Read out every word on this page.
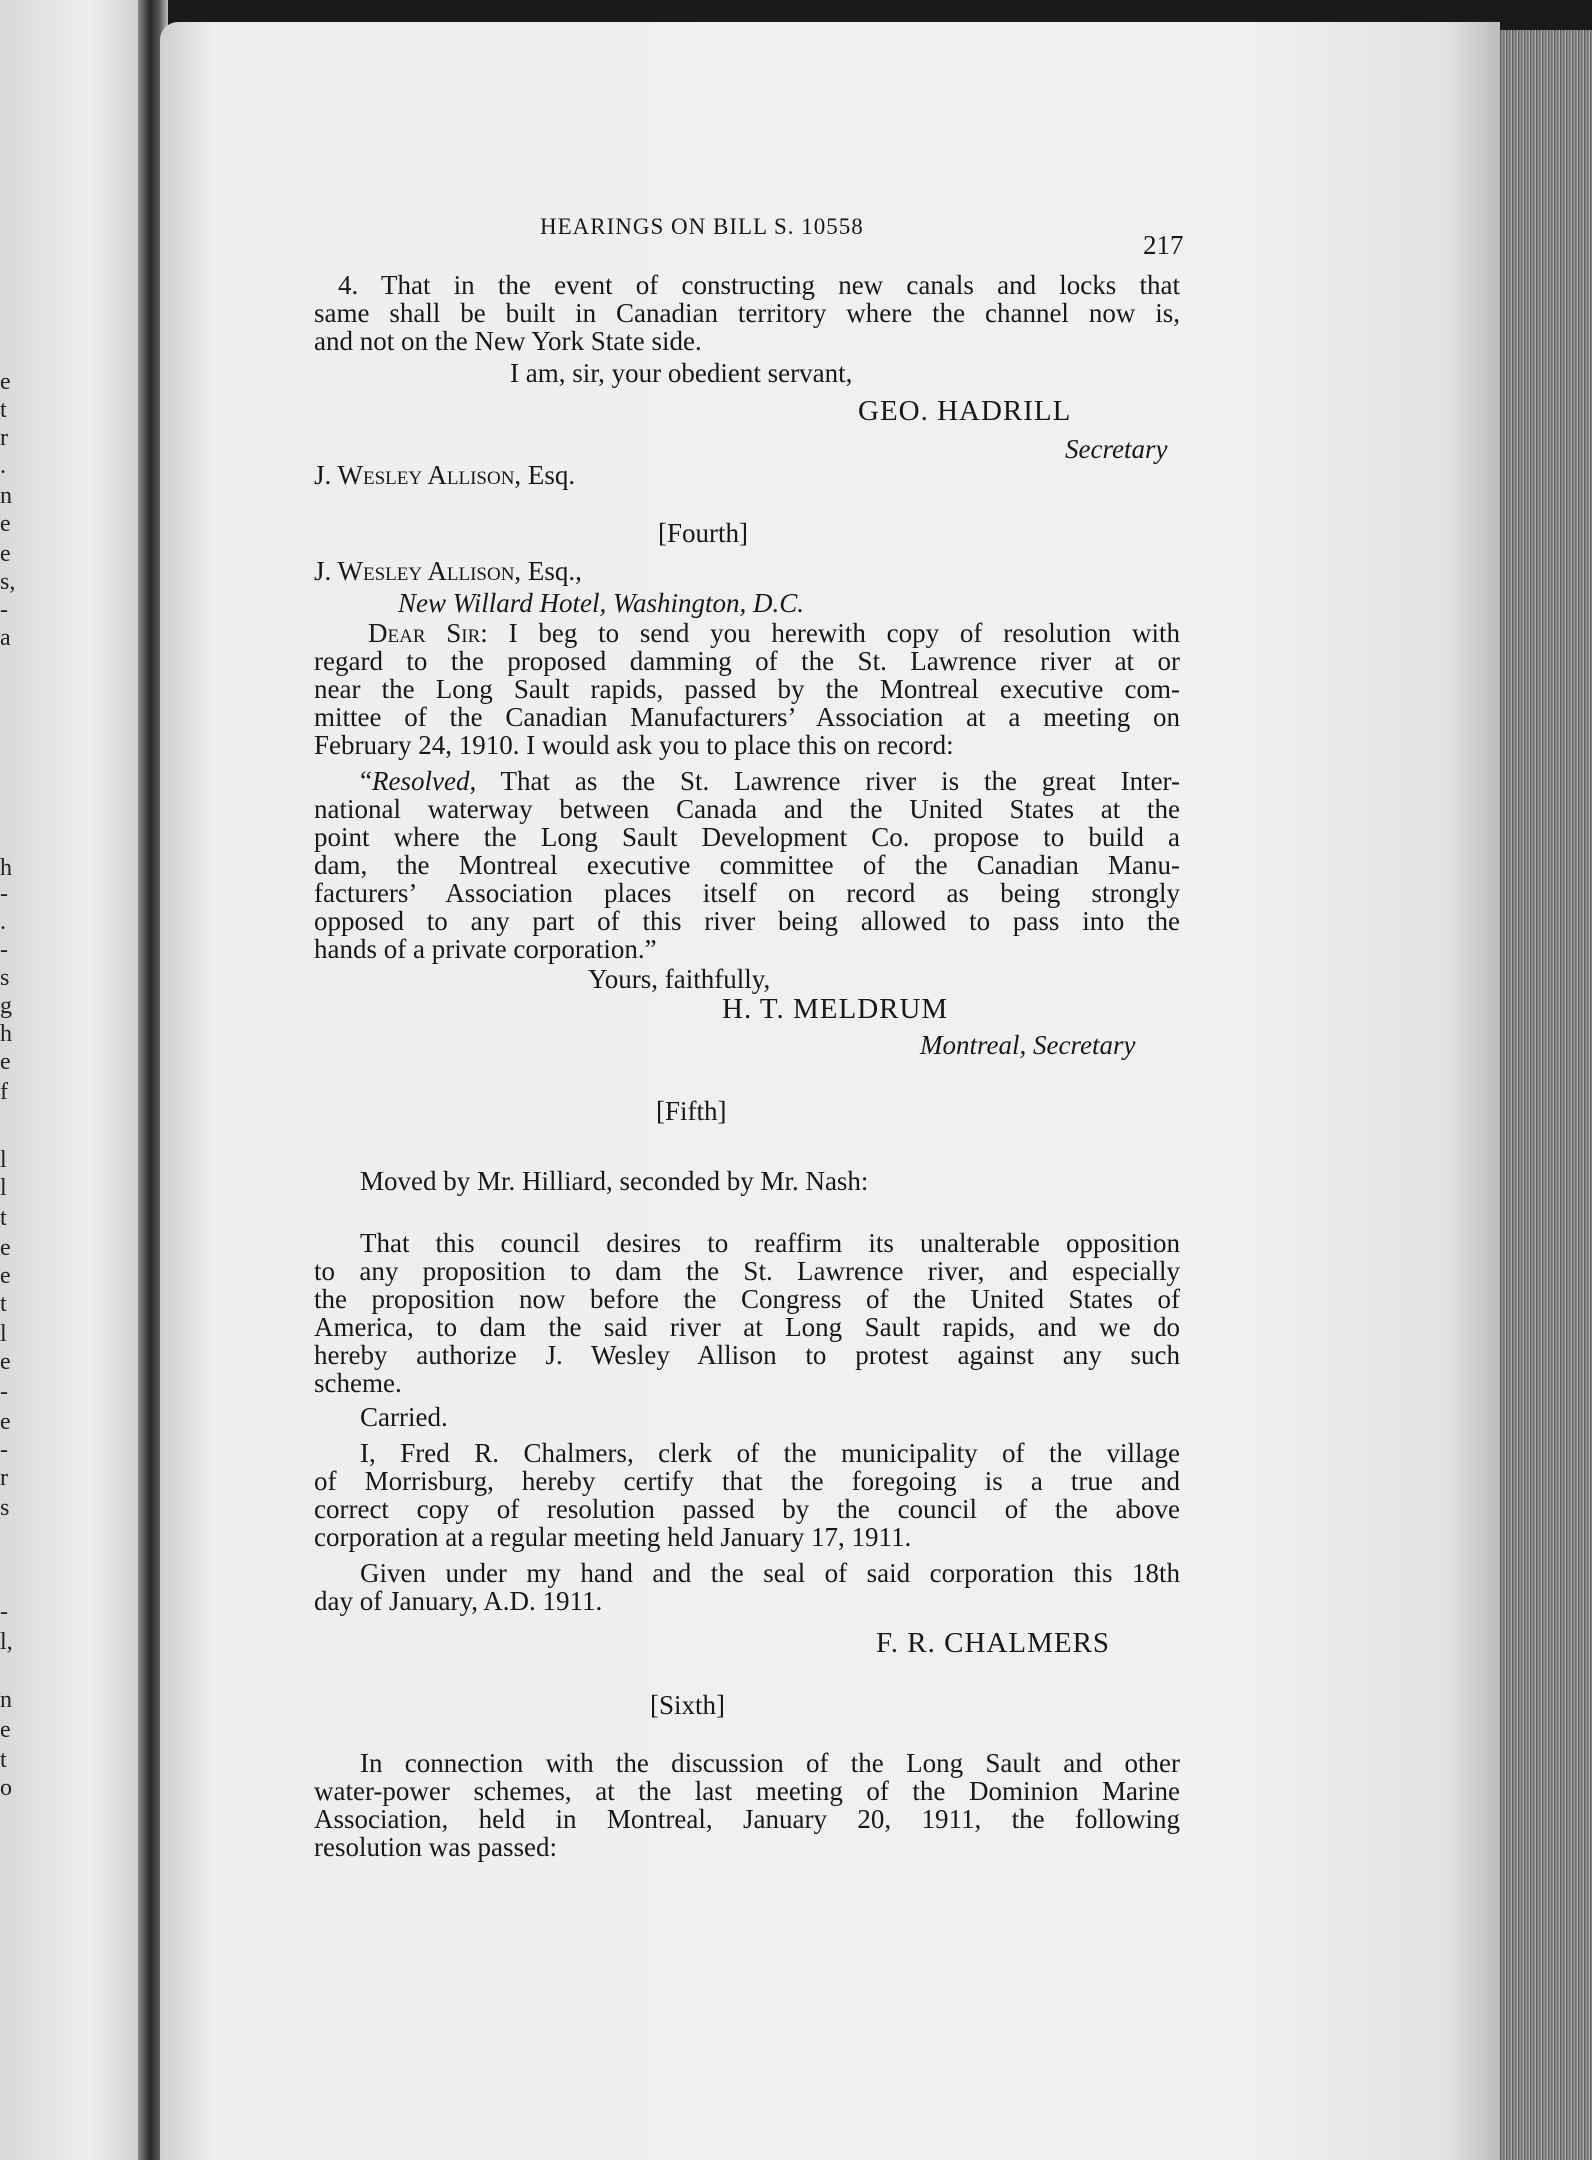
e
t
r
.
n
e
e
s,
-
a
h
-
.
-
s
g
h
e
f
l
l
t
e
e
t
l
e
-
e
-
r
s
-
l,
n
e
t
o
HEARINGS ON BILL S. 10558
217
4. That in the event of constructing new canals and locks that
same shall be built in Canadian territory where the channel now is,
and not on the New York State side.
I am, sir, your obedient servant,
GEO. HADRILL
Secretary
J. Wesley Allison, Esq.
[Fourth]
J. Wesley Allison, Esq.,
New Willard Hotel, Washington, D.C.
Dear Sir: I beg to send you herewith copy of resolution with
regard to the proposed damming of the St. Lawrence river at or
near the Long Sault rapids, passed by the Montreal executive com-
mittee of the Canadian Manufacturers’ Association at a meeting on
February 24, 1910. I would ask you to place this on record:
“Resolved, That as the St. Lawrence river is the great Inter-
national waterway between Canada and the United States at the
point where the Long Sault Development Co. propose to build a
dam, the Montreal executive committee of the Canadian Manu-
facturers’ Association places itself on record as being strongly
opposed to any part of this river being allowed to pass into the
hands of a private corporation.”
Yours, faithfully,
H. T. MELDRUM
Montreal, Secretary
[Fifth]
Moved by Mr. Hilliard, seconded by Mr. Nash:
That this council desires to reaffirm its unalterable opposition
to any proposition to dam the St. Lawrence river, and especially
the proposition now before the Congress of the United States of
America, to dam the said river at Long Sault rapids, and we do
hereby authorize J. Wesley Allison to protest against any such
scheme.
Carried.
I, Fred R. Chalmers, clerk of the municipality of the village
of Morrisburg, hereby certify that the foregoing is a true and
correct copy of resolution passed by the council of the above
corporation at a regular meeting held January 17, 1911.
Given under my hand and the seal of said corporation this 18th
day of January, A.D. 1911.
F. R. CHALMERS
[Sixth]
In connection with the discussion of the Long Sault and other
water-power schemes, at the last meeting of the Dominion Marine
Association, held in Montreal, January 20, 1911, the following
resolution was passed:
